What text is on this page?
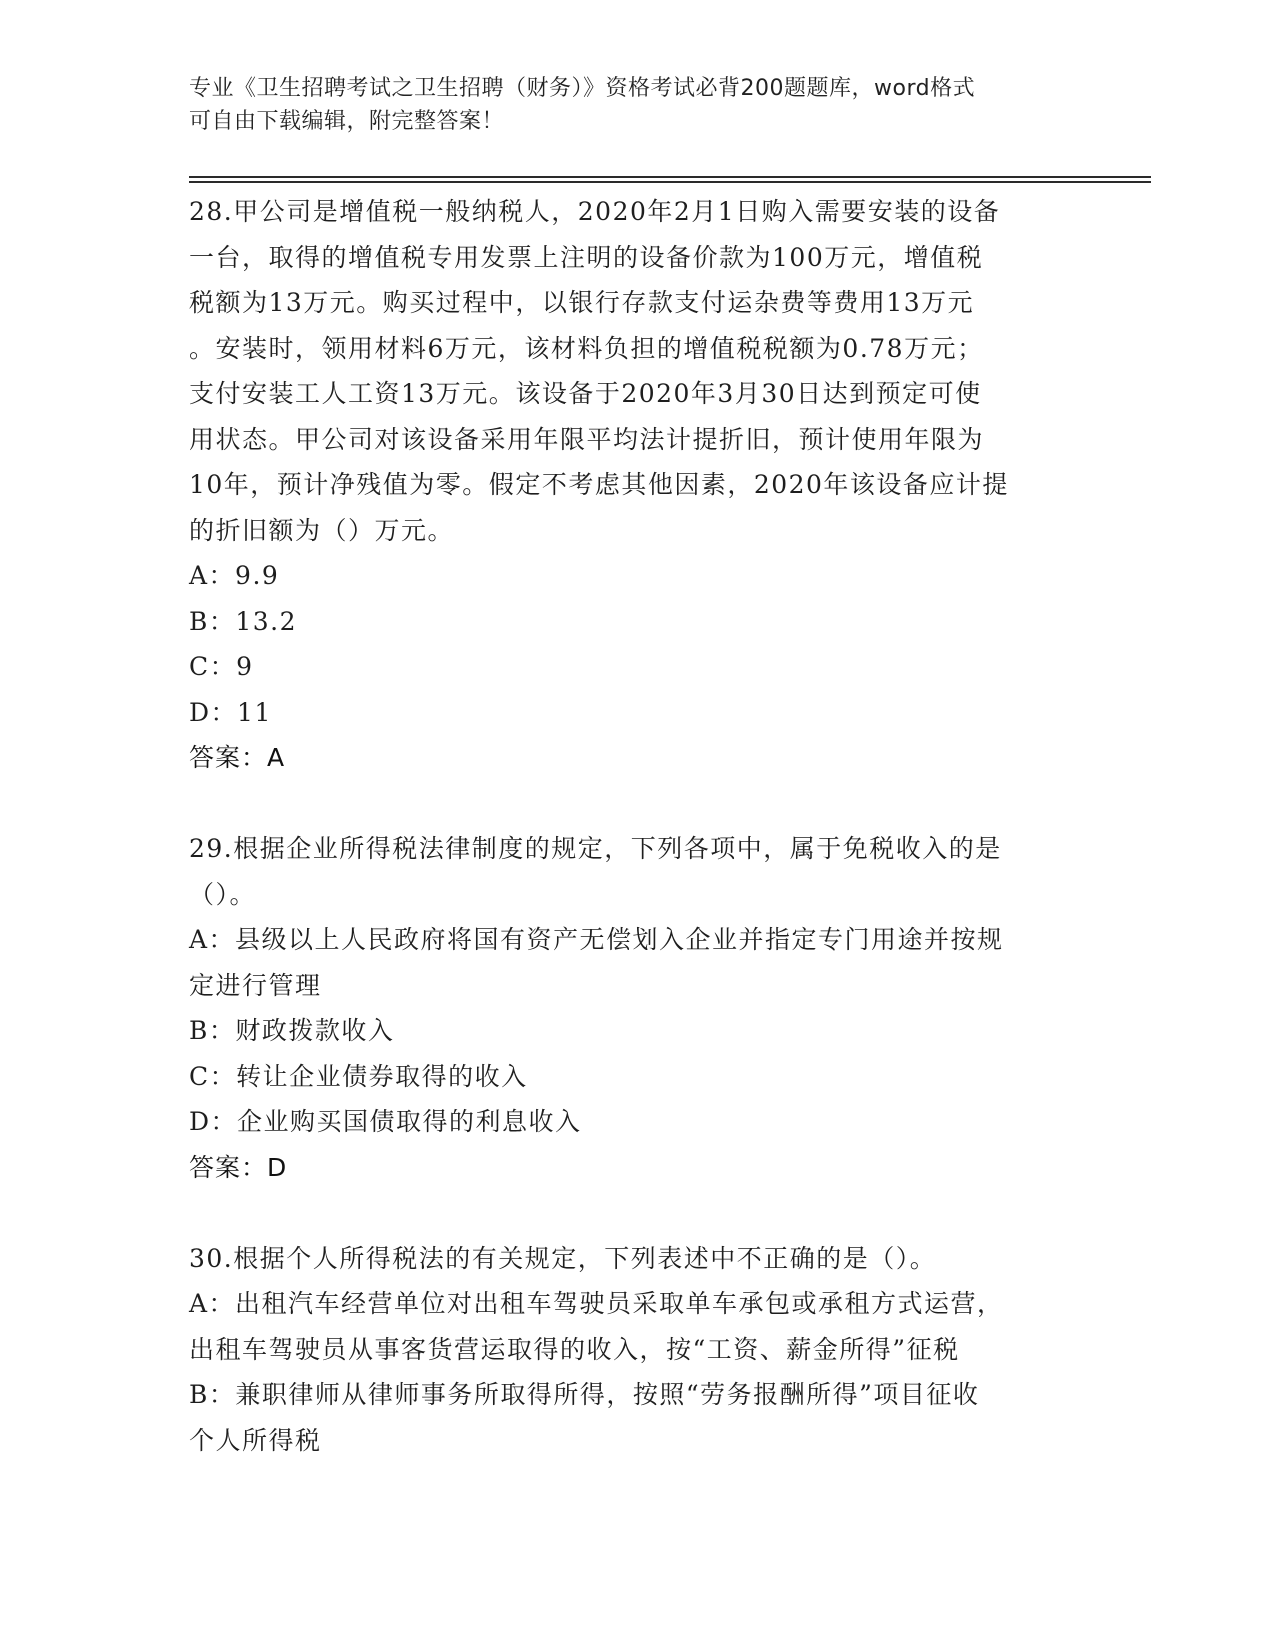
专业《卫生招聘考试之卫生招聘（财务）》资格考试必背200题题库，word格式
可自由下载编辑，附完整答案！
28.甲公司是增值税一般纳税人，2020年2月1日购入需要安装的设备
一台，取得的增值税专用发票上注明的设备价款为100万元，增值税
税额为13万元。购买过程中，以银行存款支付运杂费等费用13万元
。安装时，领用材料6万元，该材料负担的增值税税额为0.78万元；
支付安装工人工资13万元。该设备于2020年3月30日达到预定可使
用状态。甲公司对该设备采用年限平均法计提折旧，预计使用年限为
10年，预计净残值为零。假定不考虑其他因素，2020年该设备应计提
的折旧额为（）万元。
A：9.9
B：13.2
C：9
D：11
答案：A
29.根据企业所得税法律制度的规定，下列各项中，属于免税收入的是
（）。
A：县级以上人民政府将国有资产无偿划入企业并指定专门用途并按规
定进行管理
B：财政拨款收入
C：转让企业债券取得的收入
D：企业购买国债取得的利息收入
答案：D
30.根据个人所得税法的有关规定，下列表述中不正确的是（）。
A：出租汽车经营单位对出租车驾驶员采取单车承包或承租方式运营，
出租车驾驶员从事客货营运取得的收入，按“工资、薪金所得”征税
B：兼职律师从律师事务所取得所得，按照“劳务报酬所得”项目征收
个人所得税
